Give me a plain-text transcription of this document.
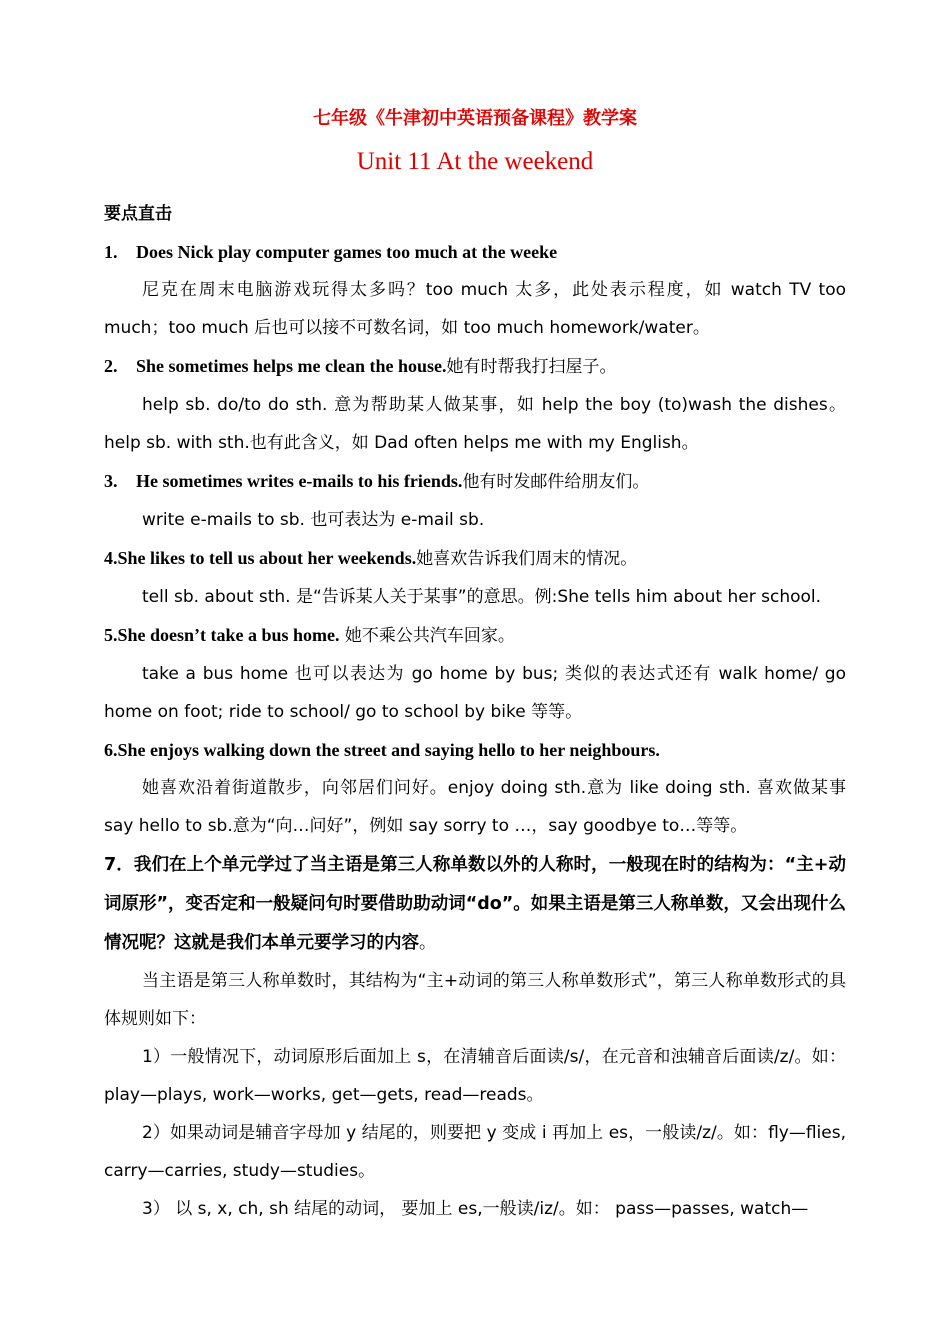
七年级《牛津初中英语预备课程》教学案
Unit 11 At the weekend

要点直击

1. Does Nick play computer games too much at the weeke

尼克在周末电脑游戏玩得太多吗？too much 太多，此处表示程度，如 watch TV too much；too much 后也可以接不可数名词，如 too much homework/water。

2. She sometimes helps me clean the house.她有时帮我打扫屋子。

help sb. do/to do sth. 意为帮助某人做某事，如 help the boy (to)wash the dishes。help sb. with sth.也有此含义，如 Dad often helps me with my English。

3. He sometimes writes e-mails to his friends.他有时发邮件给朋友们。

write e-mails to sb. 也可表达为 e-mail sb.

4.She likes to tell us about her weekends.她喜欢告诉我们周末的情况。

tell sb. about sth. 是“告诉某人关于某事”的意思。例:She tells him about her school.

5.She doesn’t take a bus home. 她不乘公共汽车回家。

take a bus home 也可以表达为 go home by bus; 类似的表达式还有 walk home/ go home on foot; ride to school/ go to school by bike 等等。

6.She enjoys walking down the street and saying hello to her neighbours.

她喜欢沿着街道散步，向邻居们问好。enjoy doing sth.意为 like doing sth. 喜欢做某事 say hello to sb.意为“向…问好”，例如 say sorry to …，say goodbye to…等等。

7．我们在上个单元学过了当主语是第三人称单数以外的人称时，一般现在时的结构为：“主+动词原形”，变否定和一般疑问句时要借助助动词“do”。如果主语是第三人称单数，又会出现什么情况呢？这就是我们本单元要学习的内容。

当主语是第三人称单数时，其结构为“主+动词的第三人称单数形式”，第三人称单数形式的具体规则如下：

1）一般情况下，动词原形后面加上 s，在清辅音后面读/s/，在元音和浊辅音后面读/z/。如：play—plays, work—works, get—gets, read—reads。

2）如果动词是辅音字母加 y 结尾的，则要把 y 变成 i 再加上 es，一般读/z/。如：fly—flies, carry—carries, study—studies。

3） 以 s, x, ch, sh 结尾的动词， 要加上 es,一般读/iz/。如： pass—passes, watch—
